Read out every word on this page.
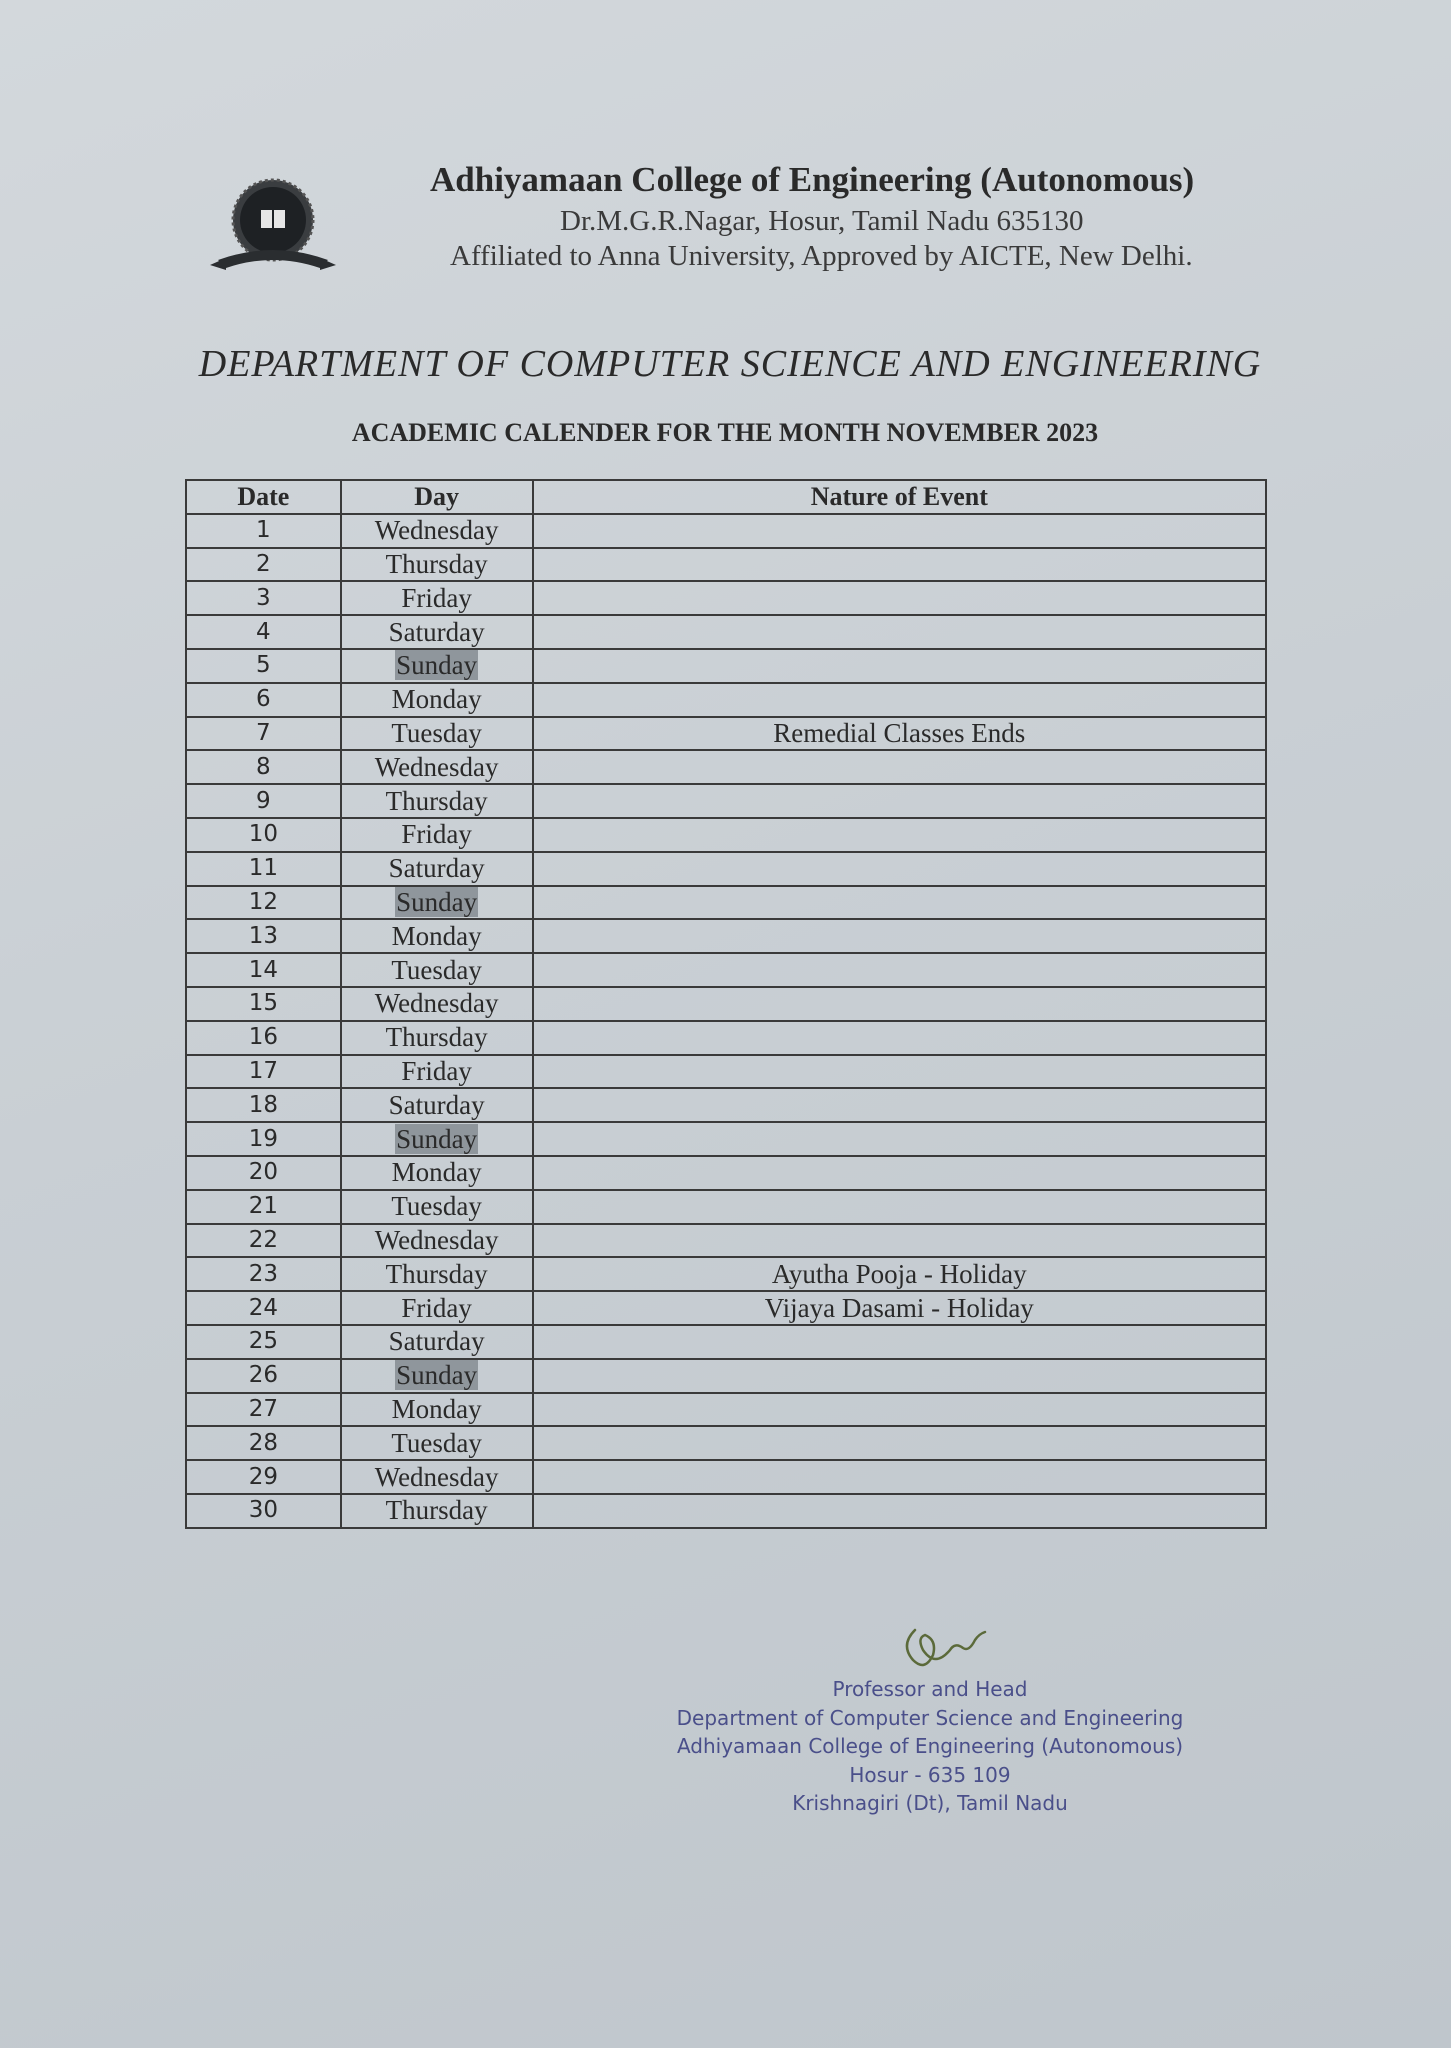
Adhiyamaan College of Engineering (Autonomous)
Dr.M.G.R.Nagar, Hosur, Tamil Nadu 635130
Affiliated to Anna University, Approved by AICTE, New Delhi.
DEPARTMENT OF COMPUTER SCIENCE AND ENGINEERING
ACADEMIC CALENDER FOR THE MONTH NOVEMBER 2023
Date	Day	Nature of Event
1	Wednesday	
2	Thursday	
3	Friday	
4	Saturday	
5	Sunday	
6	Monday	
7	Tuesday	Remedial Classes Ends
8	Wednesday	
9	Thursday	
10	Friday	
11	Saturday	
12	Sunday	
13	Monday	
14	Tuesday	
15	Wednesday	
16	Thursday	
17	Friday	
18	Saturday	
19	Sunday	
20	Monday	
21	Tuesday	
22	Wednesday	
23	Thursday	Ayutha Pooja - Holiday
24	Friday	Vijaya Dasami - Holiday
25	Saturday	
26	Sunday	
27	Monday	
28	Tuesday	
29	Wednesday	
30	Thursday	
Professor and Head
Department of Computer Science and Engineering
Adhiyamaan College of Engineering (Autonomous)
Hosur - 635 109
Krishnagiri (Dt), Tamil Nadu
